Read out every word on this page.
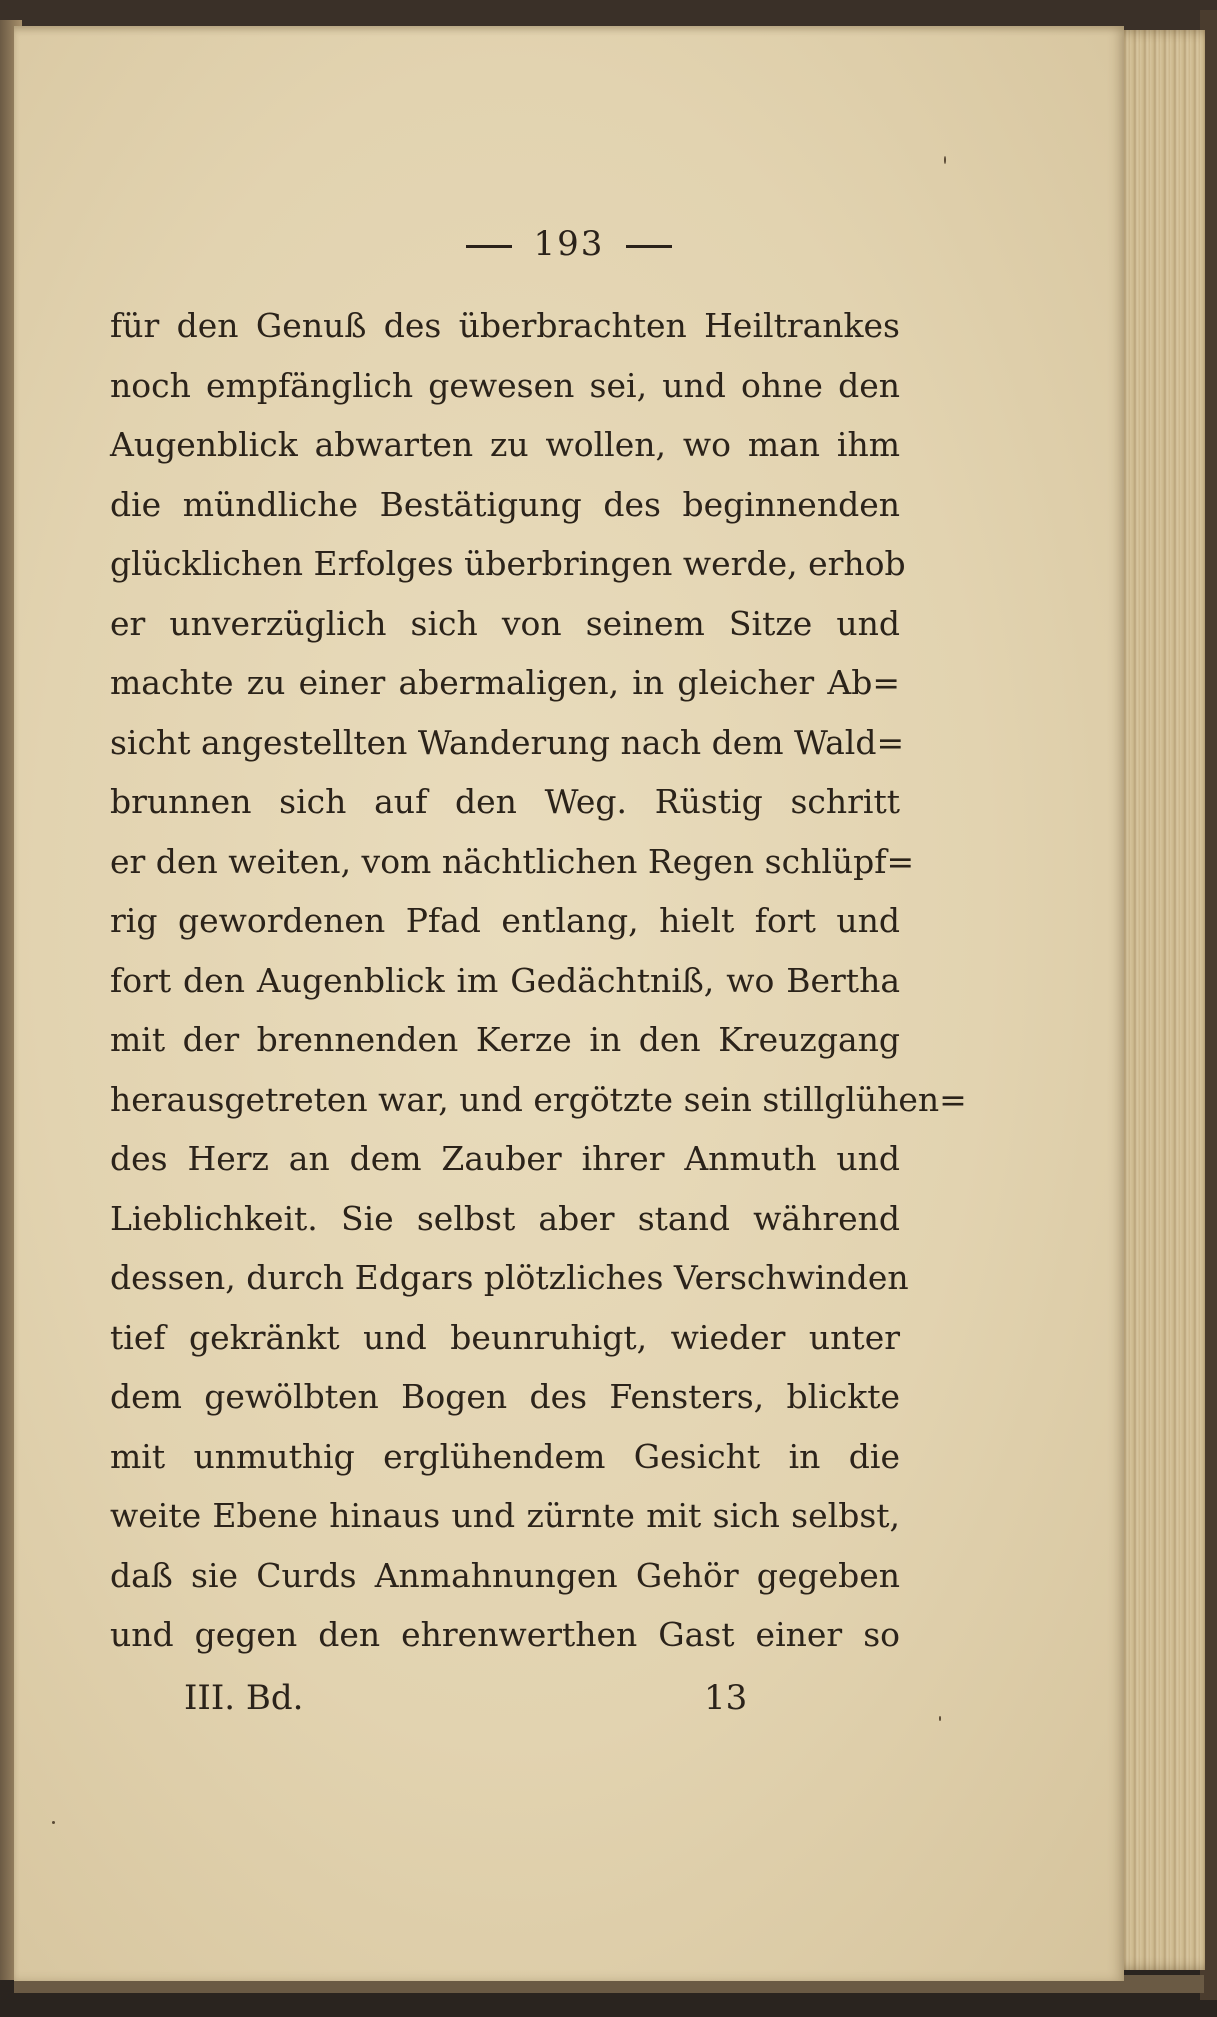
193
für den Genuß des überbrachten Heiltrankes
noch empfänglich gewesen sei, und ohne den
Augenblick abwarten zu wollen, wo man ihm
die mündliche Bestätigung des beginnenden
glücklichen Erfolges überbringen werde, erhob
er unverzüglich sich von seinem Sitze und
machte zu einer abermaligen, in gleicher Ab=
sicht angestellten Wanderung nach dem Wald=
brunnen sich auf den Weg. Rüstig schritt
er den weiten, vom nächtlichen Regen schlüpf=
rig gewordenen Pfad entlang, hielt fort und
fort den Augenblick im Gedächtniß, wo Bertha
mit der brennenden Kerze in den Kreuzgang
herausgetreten war, und ergötzte sein stillglühen=
des Herz an dem Zauber ihrer Anmuth und
Lieblichkeit. Sie selbst aber stand während
dessen, durch Edgars plötzliches Verschwinden
tief gekränkt und beunruhigt, wieder unter
dem gewölbten Bogen des Fensters, blickte
mit unmuthig erglühendem Gesicht in die
weite Ebene hinaus und zürnte mit sich selbst,
daß sie Curds Anmahnungen Gehör gegeben
und gegen den ehrenwerthen Gast einer so
III. Bd.	13
